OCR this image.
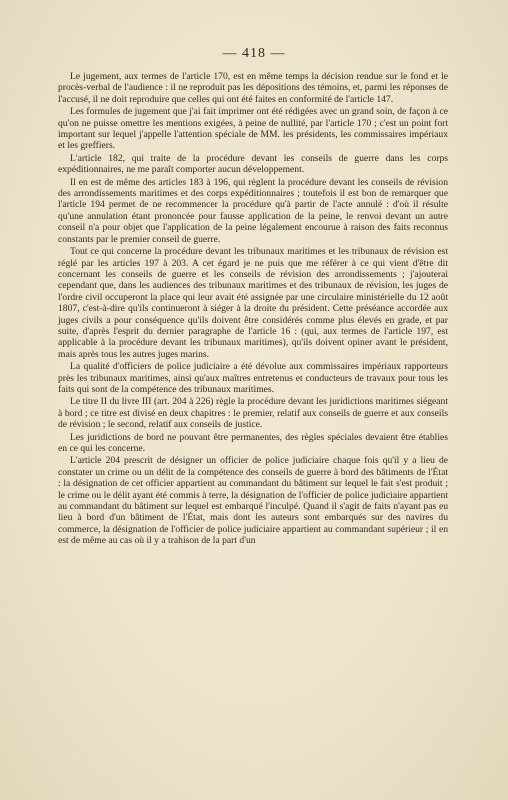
— 418 —

Le jugement, aux termes de l'article 170, est en même temps la décision rendue sur le fond et le procès-verbal de l'audience : il ne reproduit pas les dépositions des témoins, et, parmi les réponses de l'accusé, il ne doit reproduire que celles qui ont été faites en conformité de l'article 147.

Les formules de jugement que j'ai fait imprimer ont été rédigées avec un grand soin, de façon à ce qu'on ne puisse omettre les mentions exigées, à peine de nullité, par l'article 170 ; c'est un point fort important sur lequel j'appelle l'attention spéciale de MM. les présidents, les commissaires impériaux et les greffiers.

L'article 182, qui traite de la procédure devant les conseils de guerre dans les corps expéditionnaires, ne me paraît comporter aucun développement.

Il en est de même des articles 183 à 196, qui règlent la procédure devant les conseils de révision des arrondissements maritimes et des corps expéditionnaires ; toutefois il est bon de remarquer que l'article 194 permet de ne recommencer la procédure qu'à partir de l'acte annulé : d'où il résulte qu'une annulation étant prononcée pour fausse application de la peine, le renvoi devant un autre conseil n'a pour objet que l'application de la peine légalement encourue à raison des faits reconnus constants par le premier conseil de guerre.

Tout ce qui concerne la procédure devant les tribunaux maritimes et les tribunaux de révision est réglé par les articles 197 à 203. A cet égard je ne puis que me référer à ce qui vient d'être dit concernant les conseils de guerre et les conseils de révision des arrondissements ; j'ajouterai cependant que, dans les audiences des tribunaux maritimes et des tribunaux de révision, les juges de l'ordre civil occuperont la place qui leur avait été assignée par une circulaire ministérielle du 12 août 1807, c'est-à-dire qu'ils continueront à siéger à la droite du président. Cette préséance accordée aux juges civils a pour conséquence qu'ils doivent être considérés comme plus élevés en grade, et par suite, d'après l'esprit du dernier paragraphe de l'article 16 : (qui, aux termes de l'article 197, est applicable à la procédure devant les tribunaux maritimes), qu'ils doivent opiner avant le président, mais après tous les autres juges marins.

La qualité d'officiers de police judiciaire a été dévolue aux commissaires impériaux rapporteurs près les tribunaux maritimes, ainsi qu'aux maîtres entretenus et conducteurs de travaux pour tous les faits qui sont de la compétence des tribunaux maritimes.

Le titre II du livre III (art. 204 à 226) règle la procédure devant les juridictions maritimes siégeant à bord ; ce titre est divisé en deux chapitres : le premier, relatif aux conseils de guerre et aux conseils de révision ; le second, relatif aux conseils de justice.

Les juridictions de bord ne pouvant être permanentes, des règles spéciales devaient être établies en ce qui les concerne.

L'article 204 prescrit de désigner un officier de police judiciaire chaque fois qu'il y a lieu de constater un crime ou un délit de la compétence des conseils de guerre à bord des bâtiments de l'État : la désignation de cet officier appartient au commandant du bâtiment sur lequel le fait s'est produit ; le crime ou le délit ayant été commis à terre, la désignation de l'officier de police judiciaire appartient au commandant du bâtiment sur lequel est embarqué l'inculpé. Quand il s'agit de faits n'ayant pas eu lieu à bord d'un bâtiment de l'État, mais dont les auteurs sont embarqués sur des navires du commerce, la désignation de l'officier de police judiciaire appartient au commandant supérieur ; il en est de même au cas où il y a trahison de la part d'un
